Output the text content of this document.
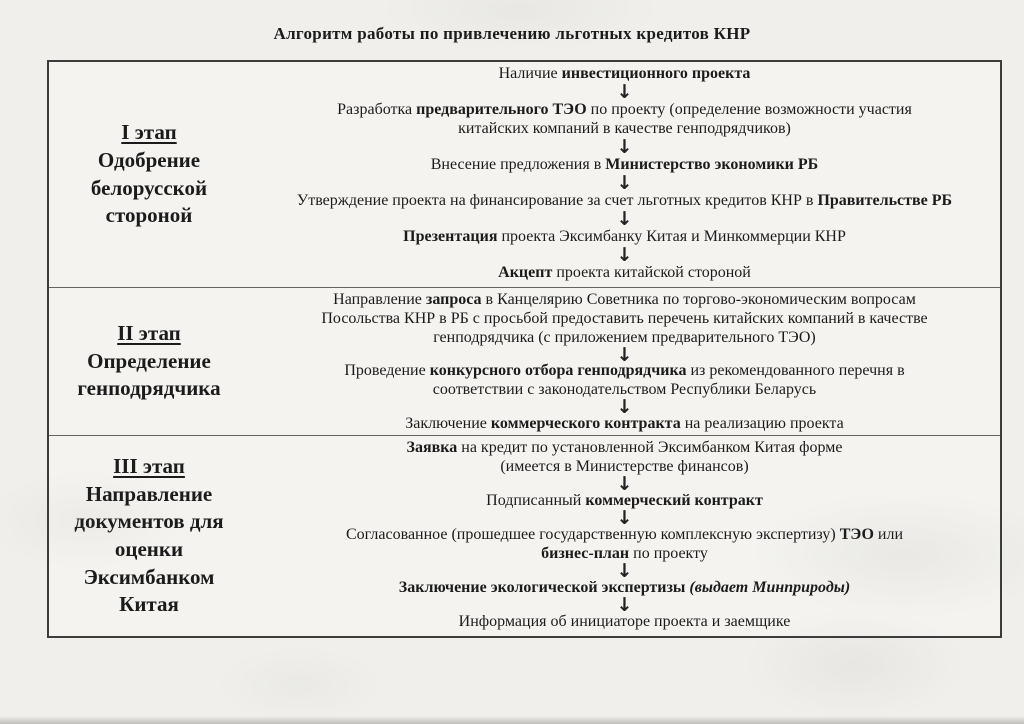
Алгоритм работы по привлечению льготных кредитов КНР
I этап
Одобрение белорусской стороной
Наличие инвестиционного проекта
↓
Разработка предварительного ТЭО по проекту (определение возможности участия
китайских компаний в качестве генподрядчиков)
↓
Внесение предложения в Министерство экономики РБ
↓
Утверждение проекта на финансирование за счет льготных кредитов КНР в Правительстве РБ
↓
Презентация проекта Эксимбанку Китая и Минкоммерции КНР
↓
Акцепт проекта китайской стороной
II этап
Определение генподрядчика
Направление запроса в Канцелярию Советника по торгово-экономическим вопросам
Посольства КНР в РБ с просьбой предоставить перечень китайских компаний в качестве
генподрядчика (с приложением предварительного ТЭО)
↓
Проведение конкурсного отбора генподрядчика из рекомендованного перечня в
соответствии с законодательством Республики Беларусь
↓
Заключение коммерческого контракта на реализацию проекта
III этап
Направление документов для оценки Эксимбанком Китая
Заявка на кредит по установленной Эксимбанком Китая форме
(имеется в Министерстве финансов)
↓
Подписанный коммерческий контракт
↓
Согласованное (прошедшее государственную комплексную экспертизу) ТЭО или
бизнес-план по проекту
↓
Заключение экологической экспертизы (выдает Минприроды)
↓
Информация об инициаторе проекта и заемщике
